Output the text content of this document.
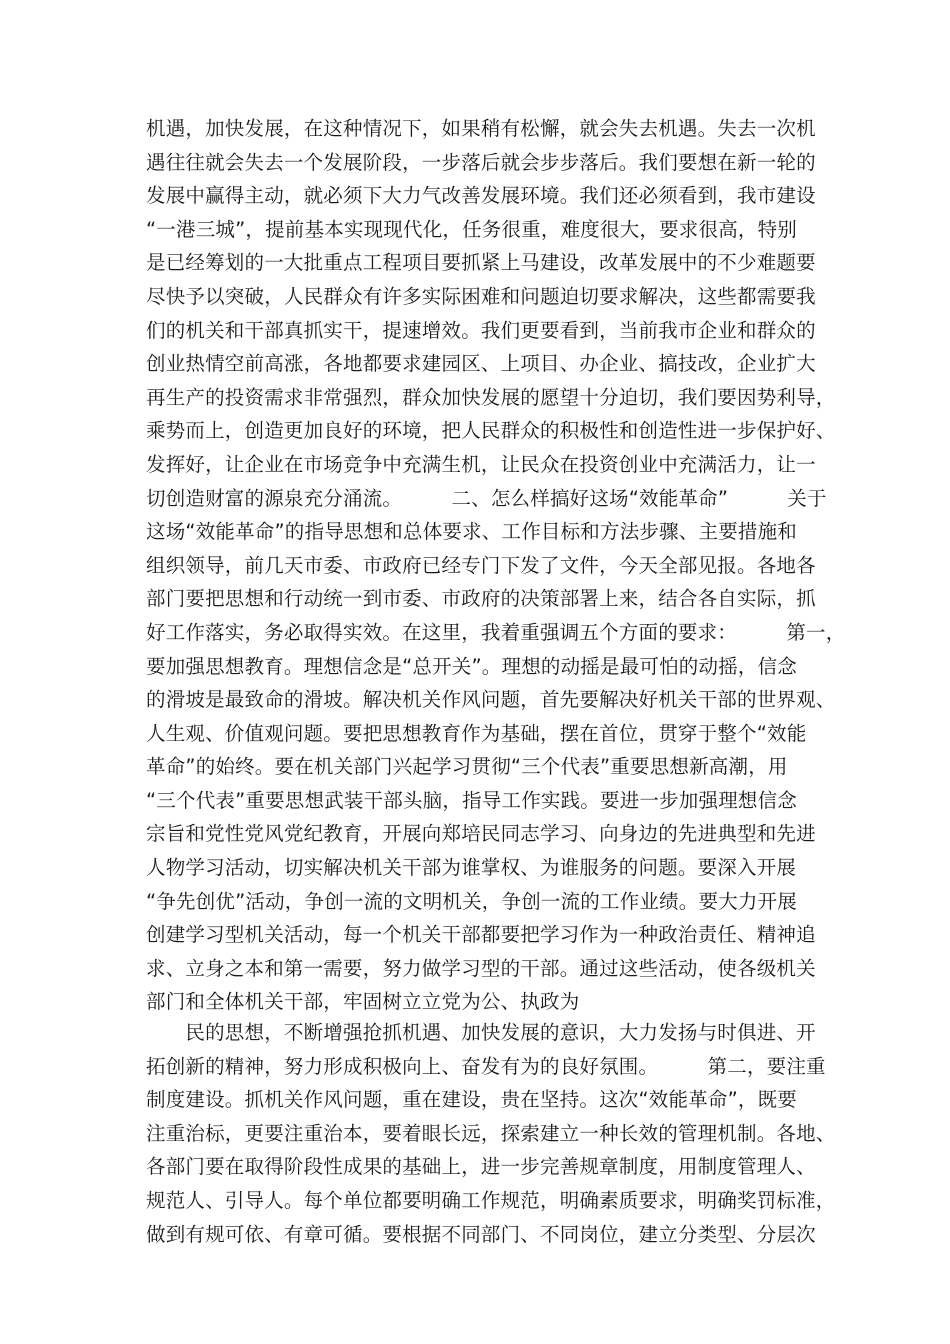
机遇，加快发展，在这种情况下，如果稍有松懈，就会失去机遇。失去一次机
遇往往就会失去一个发展阶段，一步落后就会步步落后。我们要想在新一轮的
发展中赢得主动，就必须下大力气改善发展环境。我们还必须看到，我市建设
“一港三城”，提前基本实现现代化，任务很重，难度很大，要求很高，特别
是已经筹划的一大批重点工程项目要抓紧上马建设，改革发展中的不少难题要
尽快予以突破，人民群众有许多实际困难和问题迫切要求解决，这些都需要我
们的机关和干部真抓实干，提速增效。我们更要看到，当前我市企业和群众的
创业热情空前高涨，各地都要求建园区、上项目、办企业、搞技改，企业扩大
再生产的投资需求非常强烈，群众加快发展的愿望十分迫切，我们要因势利导，
乘势而上，创造更加良好的环境，把人民群众的积极性和创造性进一步保护好、
发挥好，让企业在市场竞争中充满生机，让民众在投资创业中充满活力，让一
切创造财富的源泉充分涌流。　　　二、怎么样搞好这场“效能革命”　　　关于
这场“效能革命”的指导思想和总体要求、工作目标和方法步骤、主要措施和
组织领导，前几天市委、市政府已经专门下发了文件，今天全部见报。各地各
部门要把思想和行动统一到市委、市政府的决策部署上来，结合各自实际，抓
好工作落实，务必取得实效。在这里，我着重强调五个方面的要求：　　　第一，
要加强思想教育。理想信念是“总开关”。理想的动摇是最可怕的动摇，信念
的滑坡是最致命的滑坡。解决机关作风问题，首先要解决好机关干部的世界观、
人生观、价值观问题。要把思想教育作为基础，摆在首位，贯穿于整个“效能
革命”的始终。要在机关部门兴起学习贯彻“三个代表”重要思想新高潮，用
“三个代表”重要思想武装干部头脑，指导工作实践。要进一步加强理想信念
宗旨和党性党风党纪教育，开展向郑培民同志学习、向身边的先进典型和先进
人物学习活动，切实解决机关干部为谁掌权、为谁服务的问题。要深入开展
“争先创优”活动，争创一流的文明机关，争创一流的工作业绩。要大力开展
创建学习型机关活动，每一个机关干部都要把学习作为一种政治责任、精神追
求、立身之本和第一需要，努力做学习型的干部。通过这些活动，使各级机关
部门和全体机关干部，牢固树立立党为公、执政为
　　民的思想，不断增强抢抓机遇、加快发展的意识，大力发扬与时俱进、开
拓创新的精神，努力形成积极向上、奋发有为的良好氛围。　　　第二，要注重
制度建设。抓机关作风问题，重在建设，贵在坚持。这次“效能革命”，既要
注重治标，更要注重治本，要着眼长远，探索建立一种长效的管理机制。各地、
各部门要在取得阶段性成果的基础上，进一步完善规章制度，用制度管理人、
规范人、引导人。每个单位都要明确工作规范，明确素质要求，明确奖罚标准，
做到有规可依、有章可循。要根据不同部门、不同岗位，建立分类型、分层次
